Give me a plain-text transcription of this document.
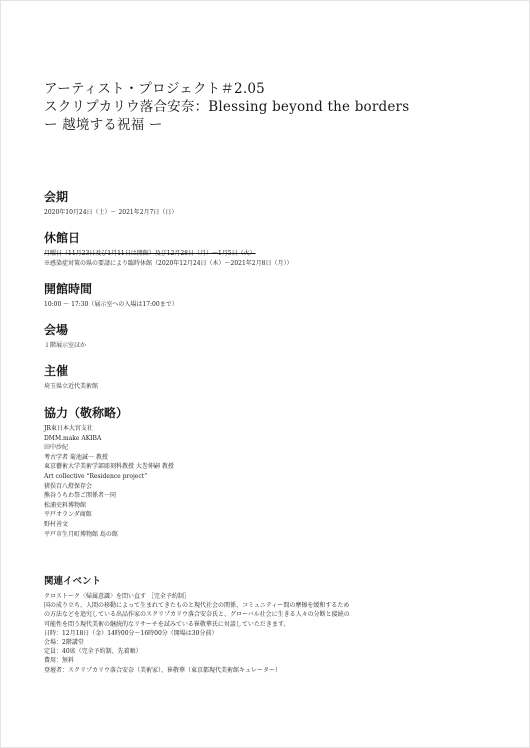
アーティスト・プロジェクト＃2.05
スクリプカリウ落合安奈：Blessing beyond the borders
ー 越境する祝福 ー
会期
2020年10月24日（土）～ 2021年2月7日（日）
休館日
月曜日（11月23日及び1月11日は開館）及び12月28日（月）～1月5日（火）
※感染症対策の県の要請により臨時休館（2020年12月24日（木）～2021年2月8日（月））
開館時間
10:00 ～ 17:30（展示室への入場は17:00まで）
会場
１階展示室ほか
主催
埼玉県立近代美術館
協力（敬称略）
JR東日本大宮支社
DMM.make AKIBA
田中沙紀
考古学者 菊池誠一 教授
東京藝術大学美術学部彫刻科教授 大巻伸嗣 教授
Art collective “Residence project”
猪俣百八燈保存会
熊谷うちわ祭ご関係者一同
松浦史料博物館
平戸オランダ商館
野村善文
平戸市生月町博物館 島の館
関連イベント
クロストーク〈帰属意識〉を問い直す ［完全予約制］
国の成り立ち、人間の移動によって生まれてきたものと現代社会の関係、コミュニティー間の摩擦を緩和するため
の方法などを追究している出品作家のスクリプカリウ落合安奈氏と、グローバル社会に生きる人々の分断と接続の
可能性を問う現代美術の継続的なリサーチを試みている崔敬華氏に対談していただきます。
日時：12月18日（金）14時00分～16時00分（開場は30分前）
会場：2階講堂
定員：40席（完全予約制、先着順）
費用：無料
登壇者：スクリプカリウ落合安奈（美術家）、崔敬華（東京都現代美術館キュレーター）
